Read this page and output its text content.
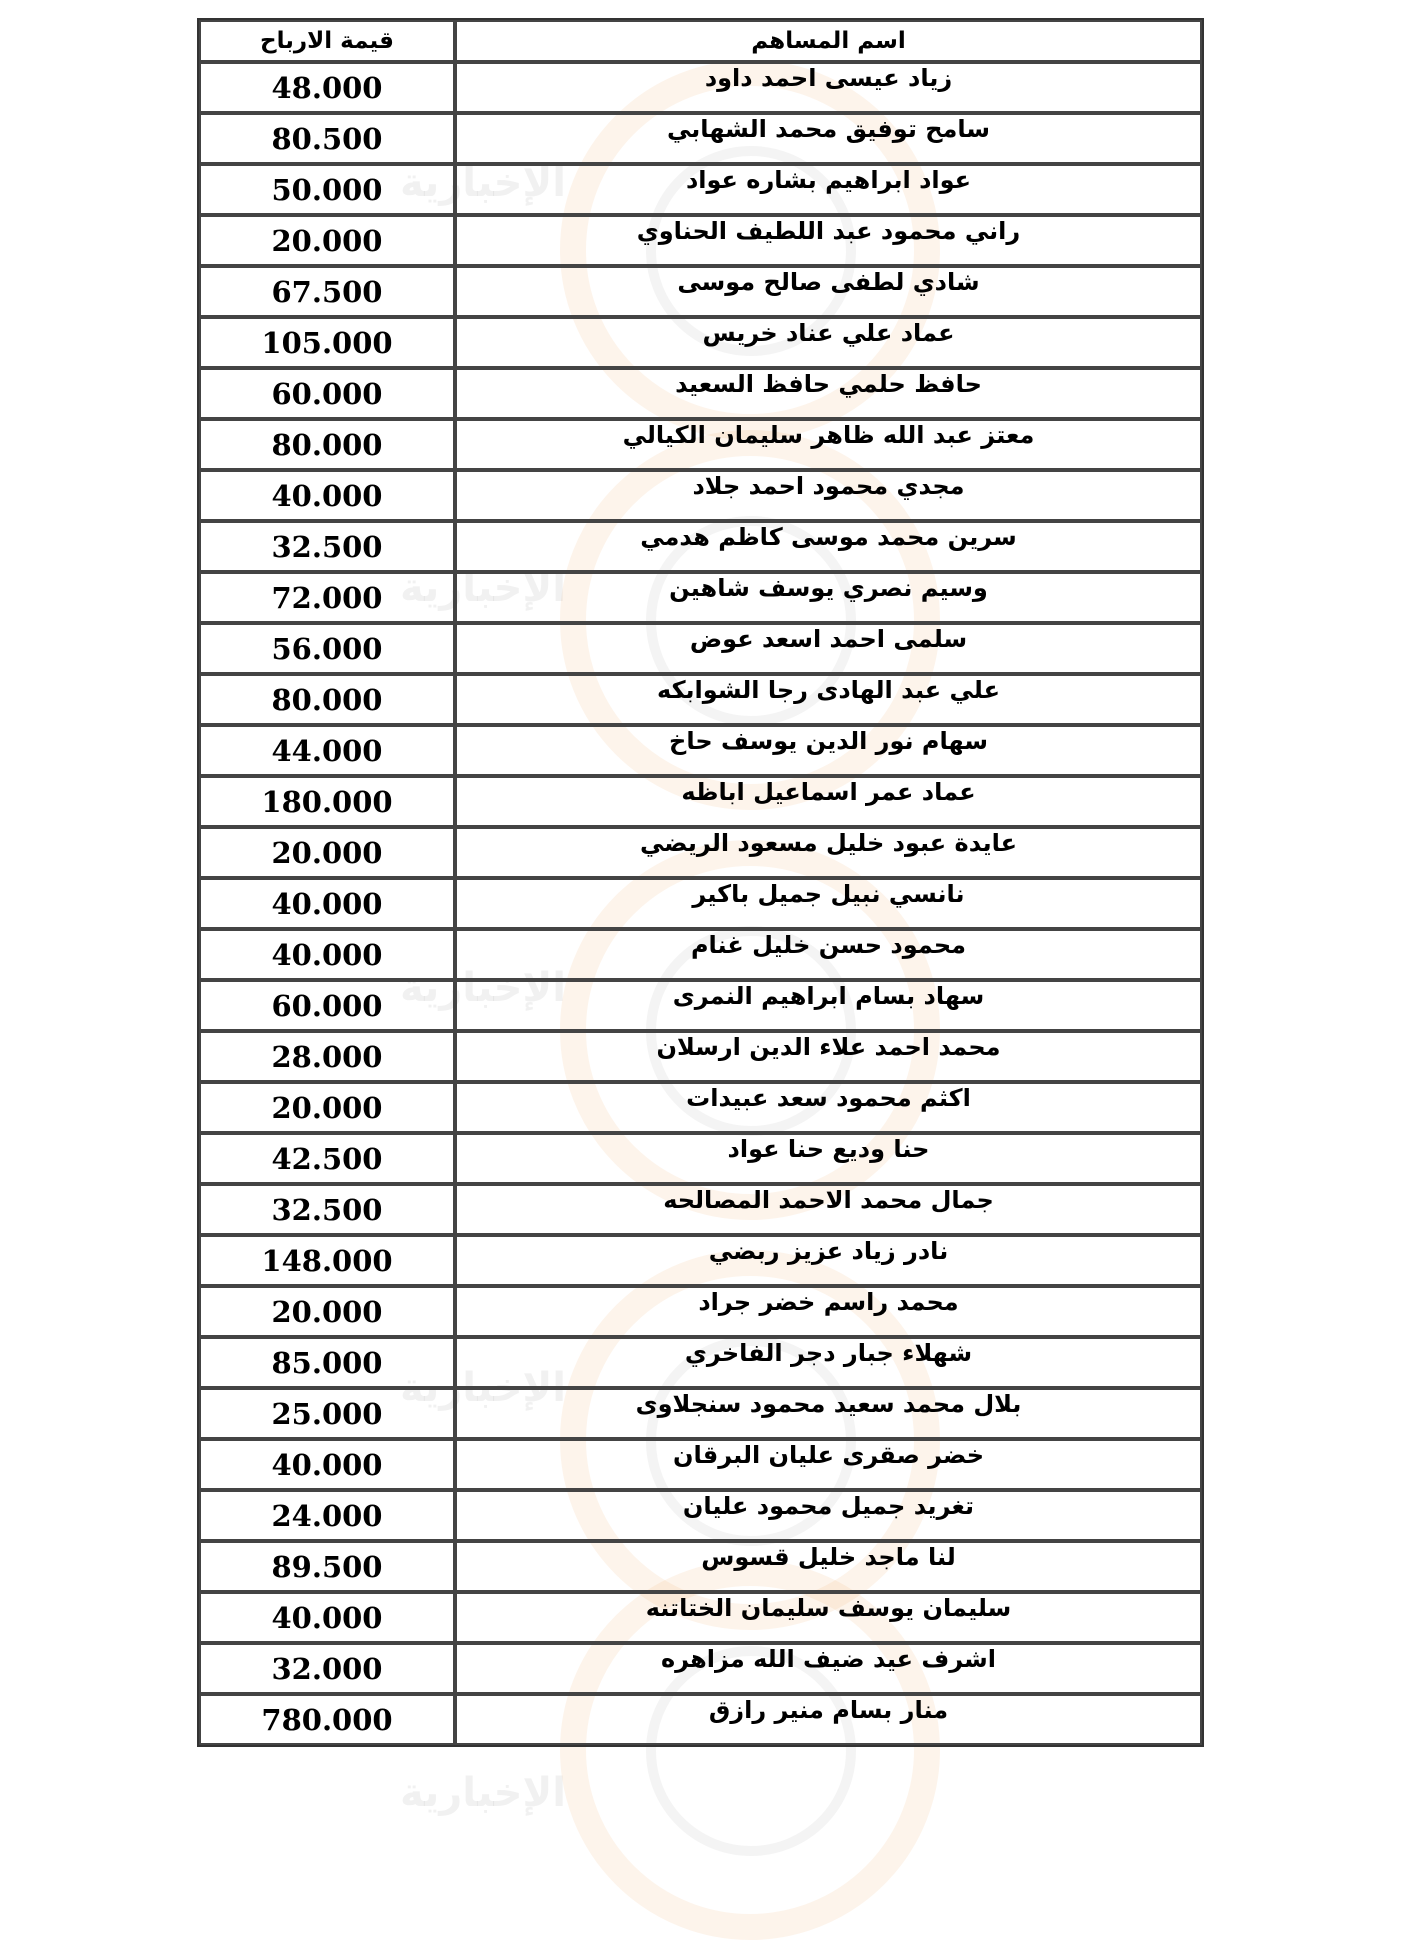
الإخبارية
الإخبارية
الإخبارية
الإخبارية
الإخبارية
قيمة الارباح	اسم المساهم
48.000	زياد عيسى احمد داود
80.500	سامح توفيق محمد الشهابي
50.000	عواد ابراهيم بشاره عواد
20.000	راني محمود عبد اللطيف الحناوي
67.500	شادي لطفى صالح موسى
105.000	عماد علي عناد خريس
60.000	حافظ حلمي حافظ السعيد
80.000	معتز عبد الله ظاهر سليمان الكيالي
40.000	مجدي محمود احمد جلاد
32.500	سرين محمد موسى كاظم هدمي
72.000	وسيم نصري يوسف شاهين
56.000	سلمى احمد اسعد عوض
80.000	علي عبد الهادى رجا الشوابكه
44.000	سهام نور الدين يوسف حاخ
180.000	عماد عمر اسماعيل اباظه
20.000	عايدة عبود خليل مسعود الريضي
40.000	نانسي نبيل جميل باكير
40.000	محمود حسن خليل غنام
60.000	سهاد بسام ابراهيم النمرى
28.000	محمد احمد علاء الدين ارسلان
20.000	اكثم محمود سعد عبيدات
42.500	حنا وديع حنا عواد
32.500	جمال محمد الاحمد المصالحه
148.000	نادر زياد عزيز ربضي
20.000	محمد راسم خضر جراد
85.000	شهلاء جبار دجر الفاخري
25.000	بلال محمد سعيد محمود سنجلاوى
40.000	خضر صقرى عليان البرقان
24.000	تغريد جميل محمود عليان
89.500	لنا ماجد خليل قسوس
40.000	سليمان يوسف سليمان الختاتنه
32.000	اشرف عيد ضيف الله مزاهره
780.000	منار بسام منير رازق
